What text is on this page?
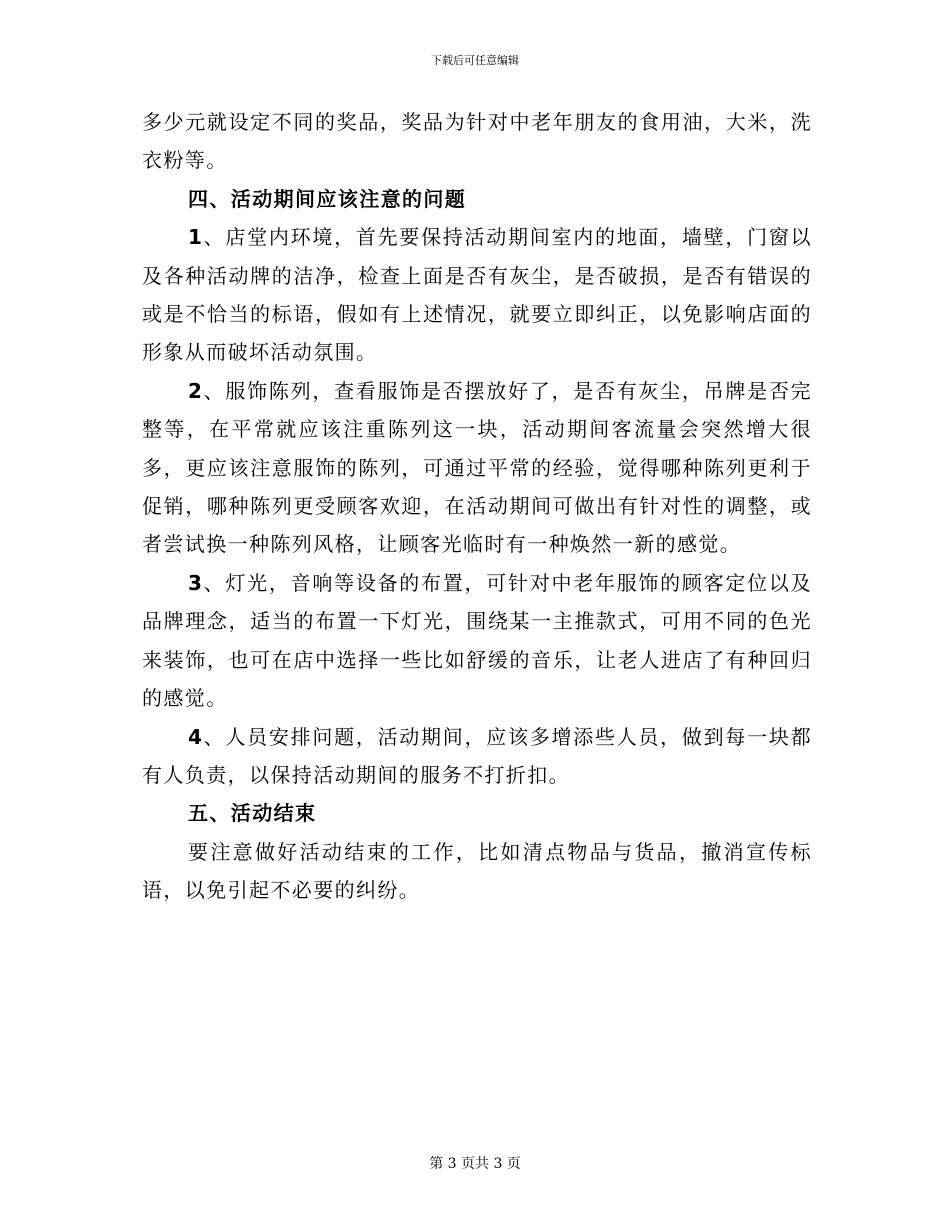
下载后可任意编辑

多少元就设定不同的奖品，奖品为针对中老年朋友的食用油，大米，洗衣粉等。

四、活动期间应该注意的问题

1、店堂内环境，首先要保持活动期间室内的地面，墙壁，门窗以及各种活动牌的洁净，检查上面是否有灰尘，是否破损，是否有错误的或是不恰当的标语，假如有上述情况，就要立即纠正，以免影响店面的形象从而破坏活动氛围。

2、服饰陈列，查看服饰是否摆放好了，是否有灰尘，吊牌是否完整等，在平常就应该注重陈列这一块，活动期间客流量会突然增大很多，更应该注意服饰的陈列，可通过平常的经验，觉得哪种陈列更利于促销，哪种陈列更受顾客欢迎，在活动期间可做出有针对性的调整，或者尝试换一种陈列风格，让顾客光临时有一种焕然一新的感觉。

3、灯光，音响等设备的布置，可针对中老年服饰的顾客定位以及品牌理念，适当的布置一下灯光，围绕某一主推款式，可用不同的色光来装饰，也可在店中选择一些比如舒缓的音乐，让老人进店了有种回归的感觉。

4、人员安排问题，活动期间，应该多增添些人员，做到每一块都有人负责，以保持活动期间的服务不打折扣。

五、活动结束

要注意做好活动结束的工作，比如清点物品与货品，撤消宣传标语，以免引起不必要的纠纷。

第 3 页共 3 页
